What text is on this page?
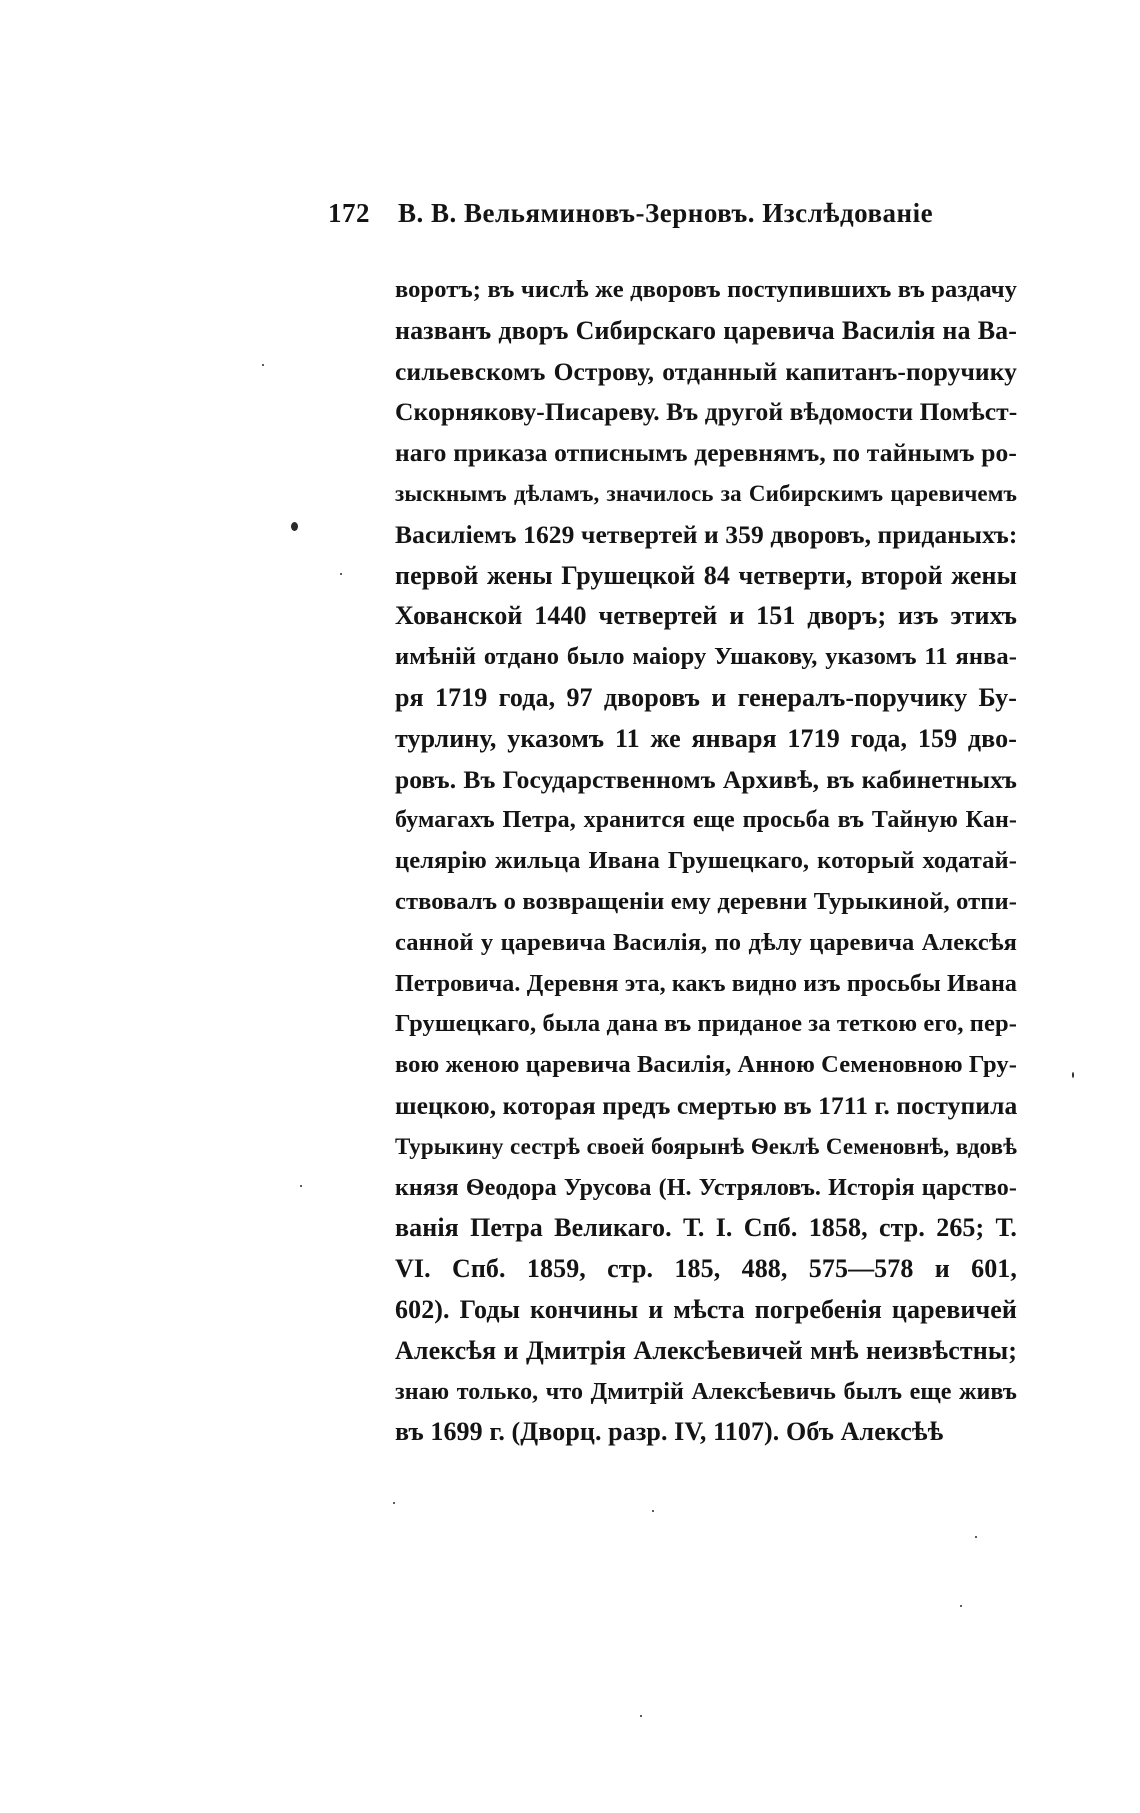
172 В. В. Вельяминовъ-Зерновъ. Изслѣдованіе
воротъ; въ числѣ же дворовъ поступившихъ въ раздачу
названъ дворъ Сибирскаго царевича Василія на Ва-
сильевскомъ Острову, отданный капитанъ-поручику
Скорнякову-Писареву. Въ другой вѣдомости Помѣст-
наго приказа отписнымъ деревнямъ, по тайнымъ ро-
зыскнымъ дѣламъ, значилось за Сибирскимъ царевичемъ
Василіемъ 1629 четвертей и 359 дворовъ, приданыхъ:
первой жены Грушецкой 84 четверти, второй жены
Хованской 1440 четвертей и 151 дворъ; изъ этихъ
имѣній отдано было маіору Ушакову, указомъ 11 янва-
ря 1719 года, 97 дворовъ и генералъ-поручику Бу-
турлину, указомъ 11 же января 1719 года, 159 дво-
ровъ. Въ Государственномъ Архивѣ, въ кабинетныхъ
бумагахъ Петра, хранится еще просьба въ Тайную Кан-
целярію жильца Ивана Грушецкаго, который ходатай-
ствовалъ о возвращеніи ему деревни Турыкиной, отпи-
санной у царевича Василія, по дѣлу царевича Алексѣя
Петровича. Деревня эта, какъ видно изъ просьбы Ивана
Грушецкаго, была дана въ приданое за теткою его, пер-
вою женою царевича Василія, Анною Семеновною Гру-
шецкою, которая предъ смертью въ 1711 г. поступила
Турыкину сестрѣ своей боярынѣ Ѳеклѣ Семеновнѣ, вдовѣ
князя Ѳеодора Урусова (Н. Устряловъ. Исторія царство-
ванія Петра Великаго. Т. I. Спб. 1858, стр. 265; Т.
VI. Спб. 1859, стр. 185, 488, 575—578 и 601,
602). Годы кончины и мѣста погребенія царевичей
Алексѣя и Дмитрія Алексѣевичей мнѣ неизвѣстны;
знаю только, что Дмитрій Алексѣевичь былъ еще живъ
въ 1699 г. (Дворц. разр. IV, 1107). Объ Алексѣѣ
